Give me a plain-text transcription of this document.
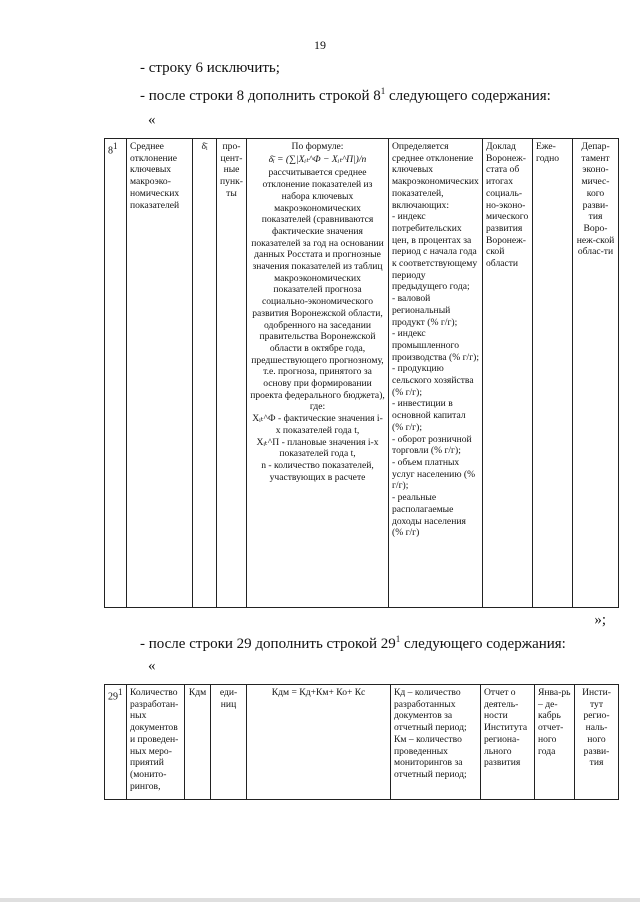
19
- строку 6 исключить;
- после строки 8 дополнить строкой $8^1$ следующего содержания:
«
$8^1$	Среднее отклонение ключевых макроэко-номических показателей	δ̄ᵢ	про-цент-ные пунк-ты	
По формуле:
δ̄ᵢ = (∑|Xᵢₜ^Ф − Xᵢₜ^П|)/n
рассчитывается среднее отклонение показателей из набора ключевых макроэкономических показателей (сравниваются фактические значения показателей за год на основании данных Росстата и прогнозные значения показателей из таблиц макроэкономических показателей прогноза социально-экономического развития Воронежской области, одобренного на заседании правительства Воронежской области в октябре года, предшествующего прогнозному, т.е. прогноза, принятого за основу при формировании проекта федерального бюджета), где:
Xᵢₜ^Ф - фактические значения i-х показателей года t,
Xᵢₜ^П - плановые значения i-х показателей года t,
n - количество показателей, участвующих в расчете
	Определяется среднее отклонение ключевых макроэкономических показателей, включающих:
- индекс потребительских цен, в процентах за период с начала года к соответствующему периоду предыдущего года;
- валовой региональный продукт (% г/г);
- индекс промышленного производства (% г/г);
- продукцию сельского хозяйства (% г/г);
- инвестиции в основной капитал (% г/г);
- оборот розничной торговли (% г/г);
- объем платных услуг населению (% г/г);
- реальные располагаемые доходы населения (% г/г)	Доклад Воронеж-стата об итогах социаль-но-эконо-мического развития Воронеж-ской области	Еже-годно	Депар-тамент эконо-мичес-кого разви-тия Воро-неж-ской облас-ти
»;
- после строки 29 дополнить строкой $29^1$ следующего содержания:
«
$29^1$	Количество разработан-ных документов и проведен-ных меро-приятий (монито-рингов,	Кдм	еди-ниц	Кдм = Кд+Км+ Ко+ Кс	Кд – количество разработанных документов за отчетный период;
Км – количество проведенных мониторингов за отчетный период;
	Отчет о деятель-ности Института регионa-льного развития	Янва-рь – де-кабрь отчет-ного года	Инсти-тут регио-наль-ного разви-тия
